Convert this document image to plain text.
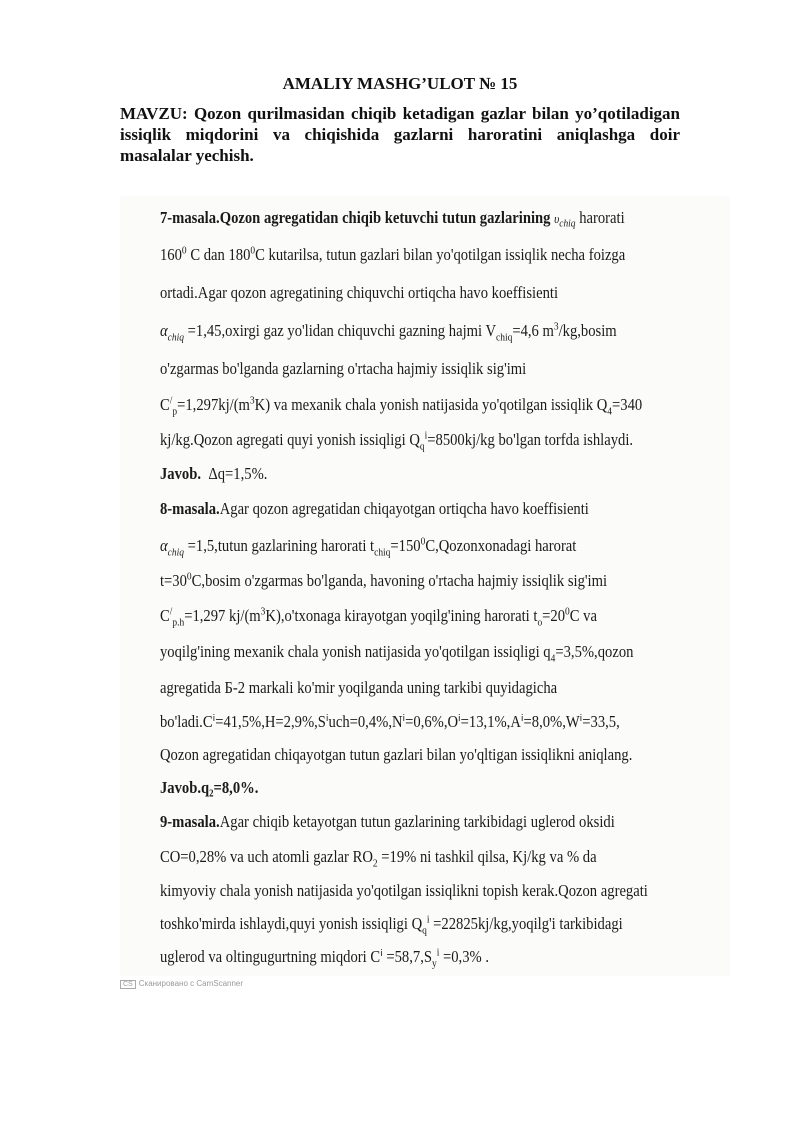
AMALIY MASHG’ULOT № 15
MAVZU: Qozon qurilmasidan chiqib ketadigan gazlar bilan yo’qotiladigan issiqlik miqdorini va chiqishida gazlarni haroratini aniqlashga doir masalalar yechish.
7-masala.Qozon agregatidan chiqib ketuvchi tutun gazlarining $\upsilon_{chiq}$ harorati
$160^0$ C dan $180^0C$ kutarilsa, tutun gazlari bilan yo'qotilgan issiqlik necha foizga
ortadi.Agar qozon agregatining chiquvchi ortiqcha havo koeffisienti
$\alpha_{chiq}$ =1,45,oxirgi gaz yo'lidan chiquvchi gazning hajmi $V_{chiq}=4,6$ $m^3/kg,bosim$
o'zgarmas bo'lganda gazlarning o'rtacha hajmiy issiqlik sig'imi
$C^/_p=1,297kj/(m^3K)$ va mexanik chala yonish natijasida yo'qotilgan issiqlik $Q_4=340$
kj/kg.Qozon agregati quyi yonish issiqligi $Q_q^i=8500kj/kg$ bo'lgan torfda ishlaydi.
Javob. Δq=1,5%.
8-masala.Agar qozon agregatidan chiqayotgan ortiqcha havo koeffisienti
$\alpha_{chiq}$ =1,5,tutun gazlarining harorati $t_{chiq}=150^0C,Qozonxonadagi$ harorat
$t=30^0C,bosim$ o'zgarmas bo'lganda, havoning o'rtacha hajmiy issiqlik sig'imi
$C^/_{p.h}=1,297$ $kj/(m^3K),o'txonaga$ kirayotgan yoqilg'ining harorati $t_o=20^0C$ va
yoqilg'ining mexanik chala yonish natijasida yo'qotilgan issiqligi $q_4=3,5\%,qozon$
agregatida Б-2 markali ko'mir yoqilganda uning tarkibi quyidagicha
bo'ladi.Cⁱ=41,5%,H=2,9%,Sⁱuch=0,4%,Nⁱ=0,6%,Oⁱ=13,1%,Aⁱ=8,0%,Wⁱ=33,5,
Qozon agregatidan chiqayotgan tutun gazlari bilan yo'qltigan issiqlikni aniqlang.
Javob.q₂=8,0%.
9-masala.Agar chiqib ketayotgan tutun gazlarining tarkibidagi uglerod oksidi
CO=0,28% va uch atomli gazlar $RO_2 =19\%$ ni tashkil qilsa, Kj/kg va % da
kimyoviy chala yonish natijasida yo'qotilgan issiqlikni topish kerak.Qozon agregati
toshko'mirda ishlaydi,quyi yonish issiqligi $Q_q^i$ =22825kj/kg,yoqilg'i tarkibidagi
uglerod va oltingugurtning miqdori $C^i =58,7,S_y^i =0,3\%$ .
CS Сканировано с CamScanner
